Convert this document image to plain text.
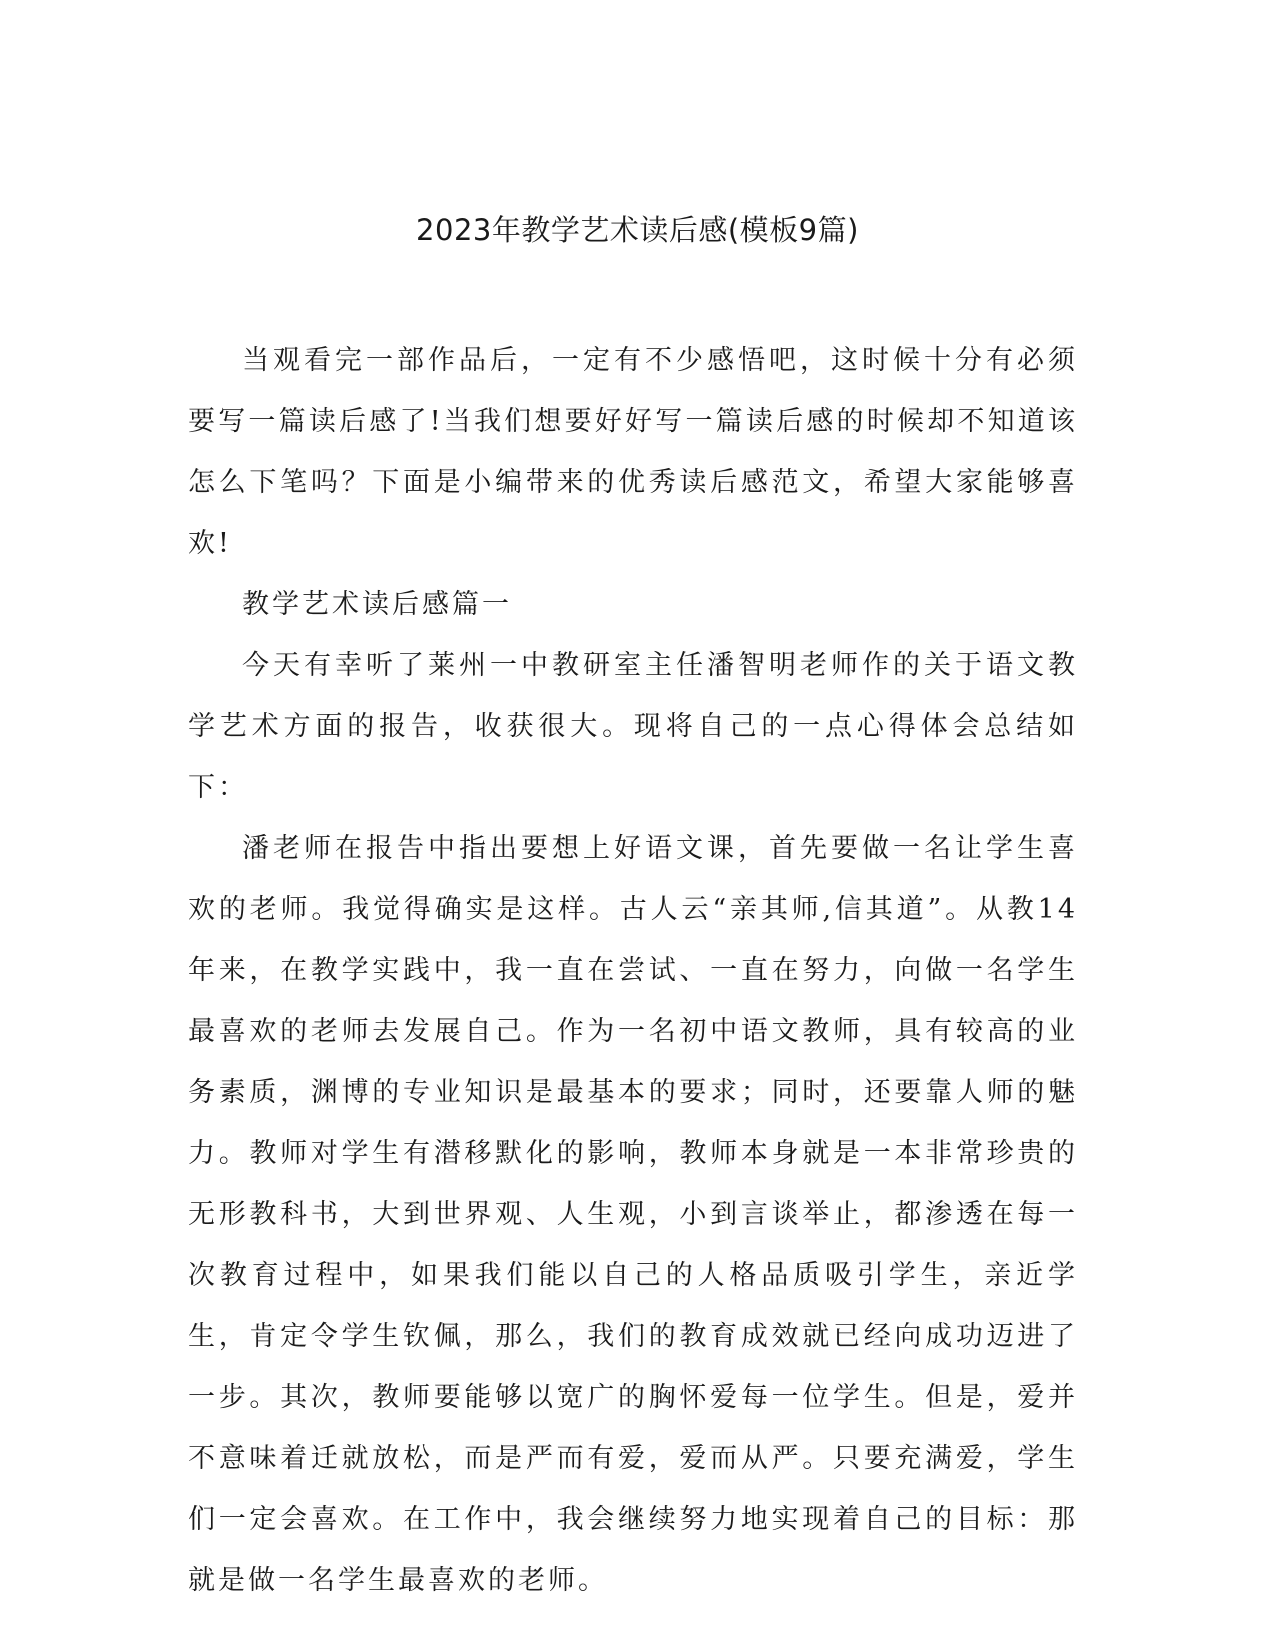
2023年教学艺术读后感(模板9篇)

当观看完一部作品后，一定有不少感悟吧，这时候十分有必须要写一篇读后感了!当我们想要好好写一篇读后感的时候却不知道该怎么下笔吗？下面是小编带来的优秀读后感范文，希望大家能够喜欢!

教学艺术读后感篇一

今天有幸听了莱州一中教研室主任潘智明老师作的关于语文教学艺术方面的报告，收获很大。现将自己的一点心得体会总结如下：

潘老师在报告中指出要想上好语文课，首先要做一名让学生喜欢的老师。我觉得确实是这样。古人云“亲其师,信其道”。从教14年来，在教学实践中，我一直在尝试、一直在努力，向做一名学生最喜欢的老师去发展自己。作为一名初中语文教师，具有较高的业务素质，渊博的专业知识是最基本的要求；同时，还要靠人师的魅力。教师对学生有潜移默化的影响，教师本身就是一本非常珍贵的无形教科书，大到世界观、人生观，小到言谈举止，都渗透在每一次教育过程中，如果我们能以自己的人格品质吸引学生，亲近学生，肯定令学生钦佩，那么，我们的教育成效就已经向成功迈进了一步。其次，教师要能够以宽广的胸怀爱每一位学生。但是，爱并不意味着迁就放松，而是严而有爱，爱而从严。只要充满爱，学生们一定会喜欢。在工作中，我会继续努力地实现着自己的目标：那就是做一名学生最喜欢的老师。
